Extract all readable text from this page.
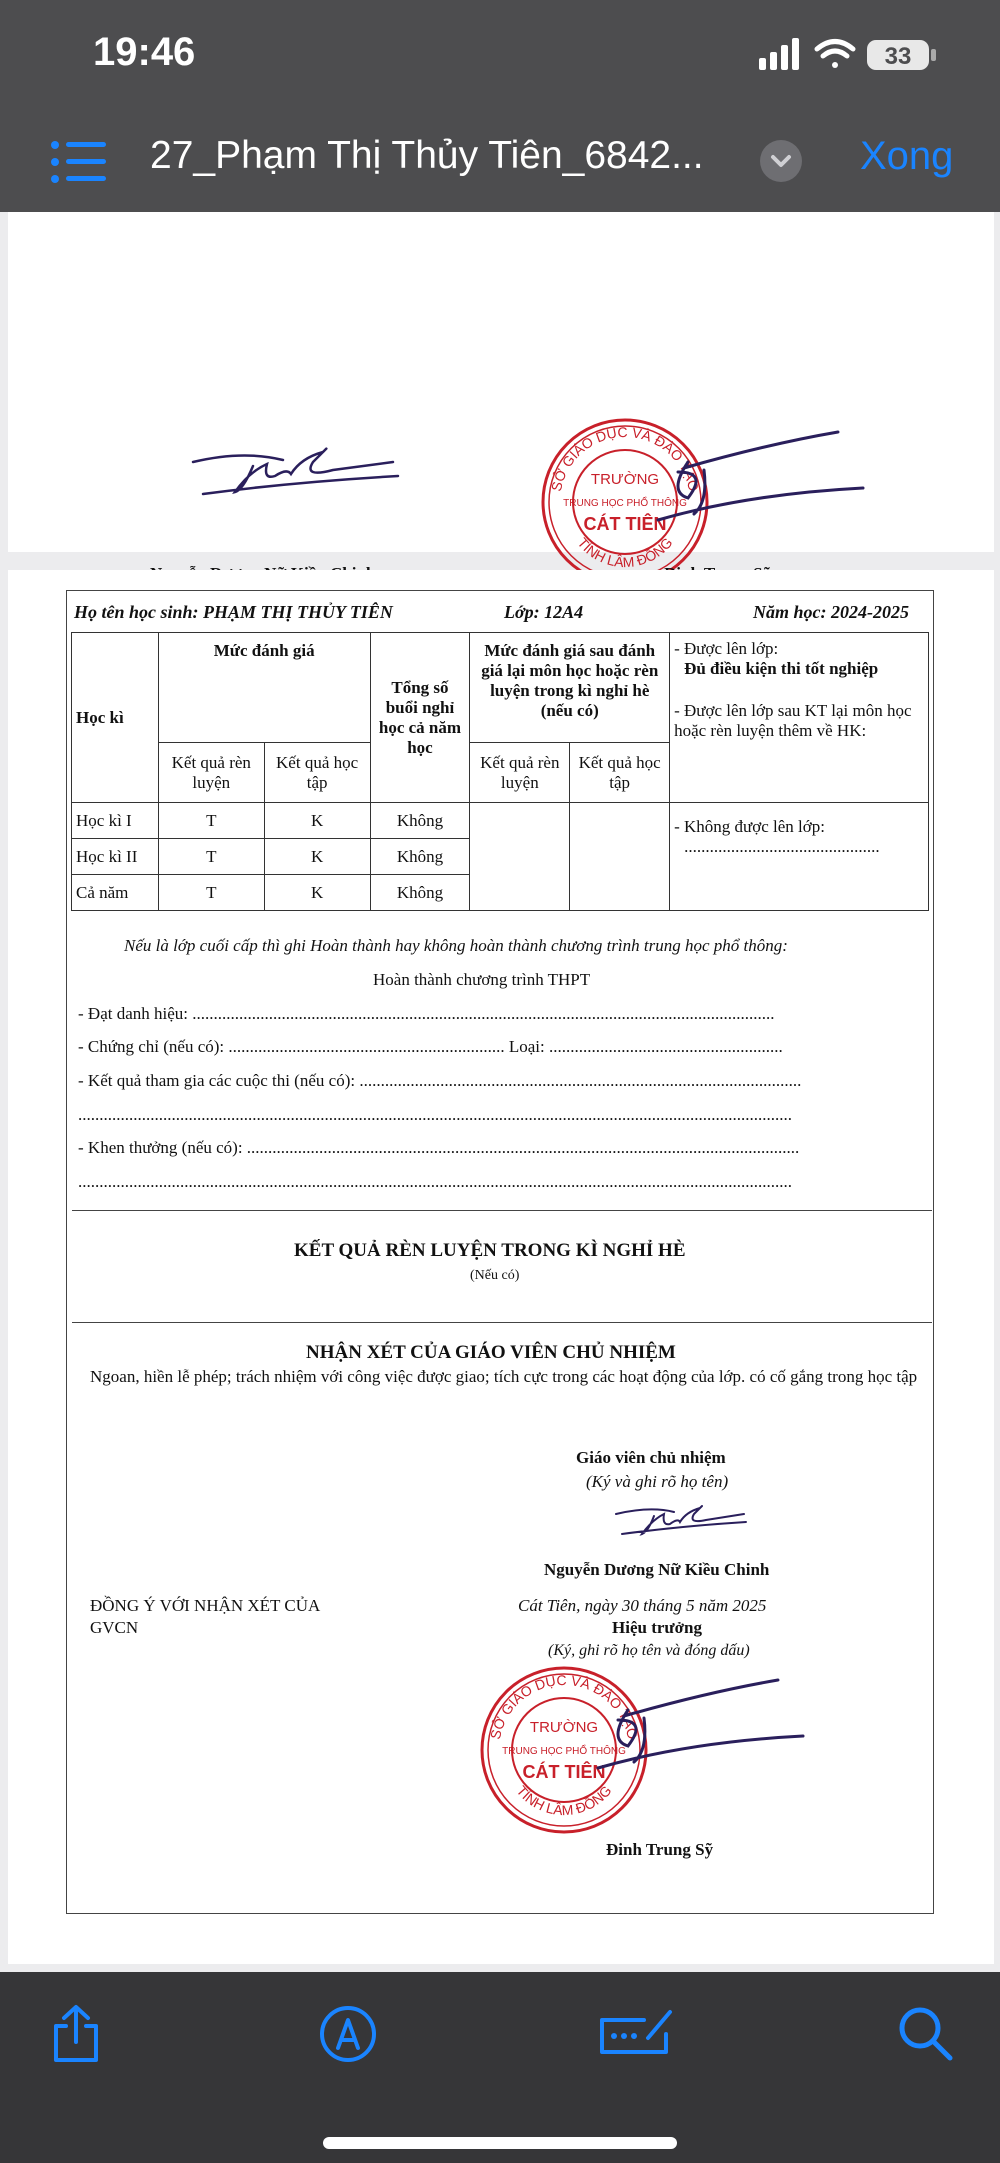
19:46	33
27_Phạm Thị Thủy Tiên_6842...	Xong
SỞ GIÁO DỤC VÀ ĐÀO TẠO
TỈNH LÂM ĐỒNG
TRƯỜNG
TRUNG HỌC PHỔ THÔNG
CÁT TIÊN
Họ tên học sinh: PHẠM THỊ THỦY TIÊN	Lớp: 12A4	Năm học: 2024-2025
Học kì	Mức đánh giá		Tổng số buổi nghỉ học cả năm học	Mức đánh giá sau đánh giá lại môn học hoặc rèn luyện trong kì nghỉ hè (nếu có)		- Được lên lớp:
Đủ điều kiện thi tốt nghiệp
- Được lên lớp sau KT lại môn học hoặc rèn luyện thêm về HK:

	Kết quả rèn luyện	Kết quả học tập		Kết quả rèn luyện	Kết quả học tập	
Học kì I	T	K	Không			- Không được lên lớp:
..............................................

Học kì II	T	K	Không			
Cả năm	T	K	Không			
Nếu là lớp cuối cấp thì ghi Hoàn thành hay không hoàn thành chương trình trung học phổ thông:
Hoàn thành chương trình THPT
- Đạt danh hiệu: .........................................................................................................................................
- Chứng chỉ (nếu có): ................................................................. Loại: .......................................................
- Kết quả tham gia các cuộc thi (nếu có): ........................................................................................................
........................................................................................................................................................................
- Khen thưởng (nếu có): ..................................................................................................................................
........................................................................................................................................................................
KẾT QUẢ RÈN LUYỆN TRONG KÌ NGHỈ HÈ
(Nếu có)
NHẬN XÉT CỦA GIÁO VIÊN CHỦ NHIỆM
Ngoan, hiền lễ phép; trách nhiệm với công việc được giao; tích cực trong các hoạt động của lớp. có cố gắng trong học tập
Giáo viên chủ nhiệm
(Ký và ghi rõ họ tên)
Nguyễn Dương Nữ Kiều Chinh
ĐỒNG Ý VỚI NHẬN XÉT CỦA
GVCN
Cát Tiên, ngày 30 tháng 5 năm 2025
Hiệu trưởng
(Ký, ghi rõ họ tên và đóng dấu)
SỞ GIÁO DỤC VÀ ĐÀO TẠO
TỈNH LÂM ĐỒNG
TRƯỜNG
TRUNG HỌC PHỔ THÔNG
CÁT TIÊN
Đinh Trung Sỹ
